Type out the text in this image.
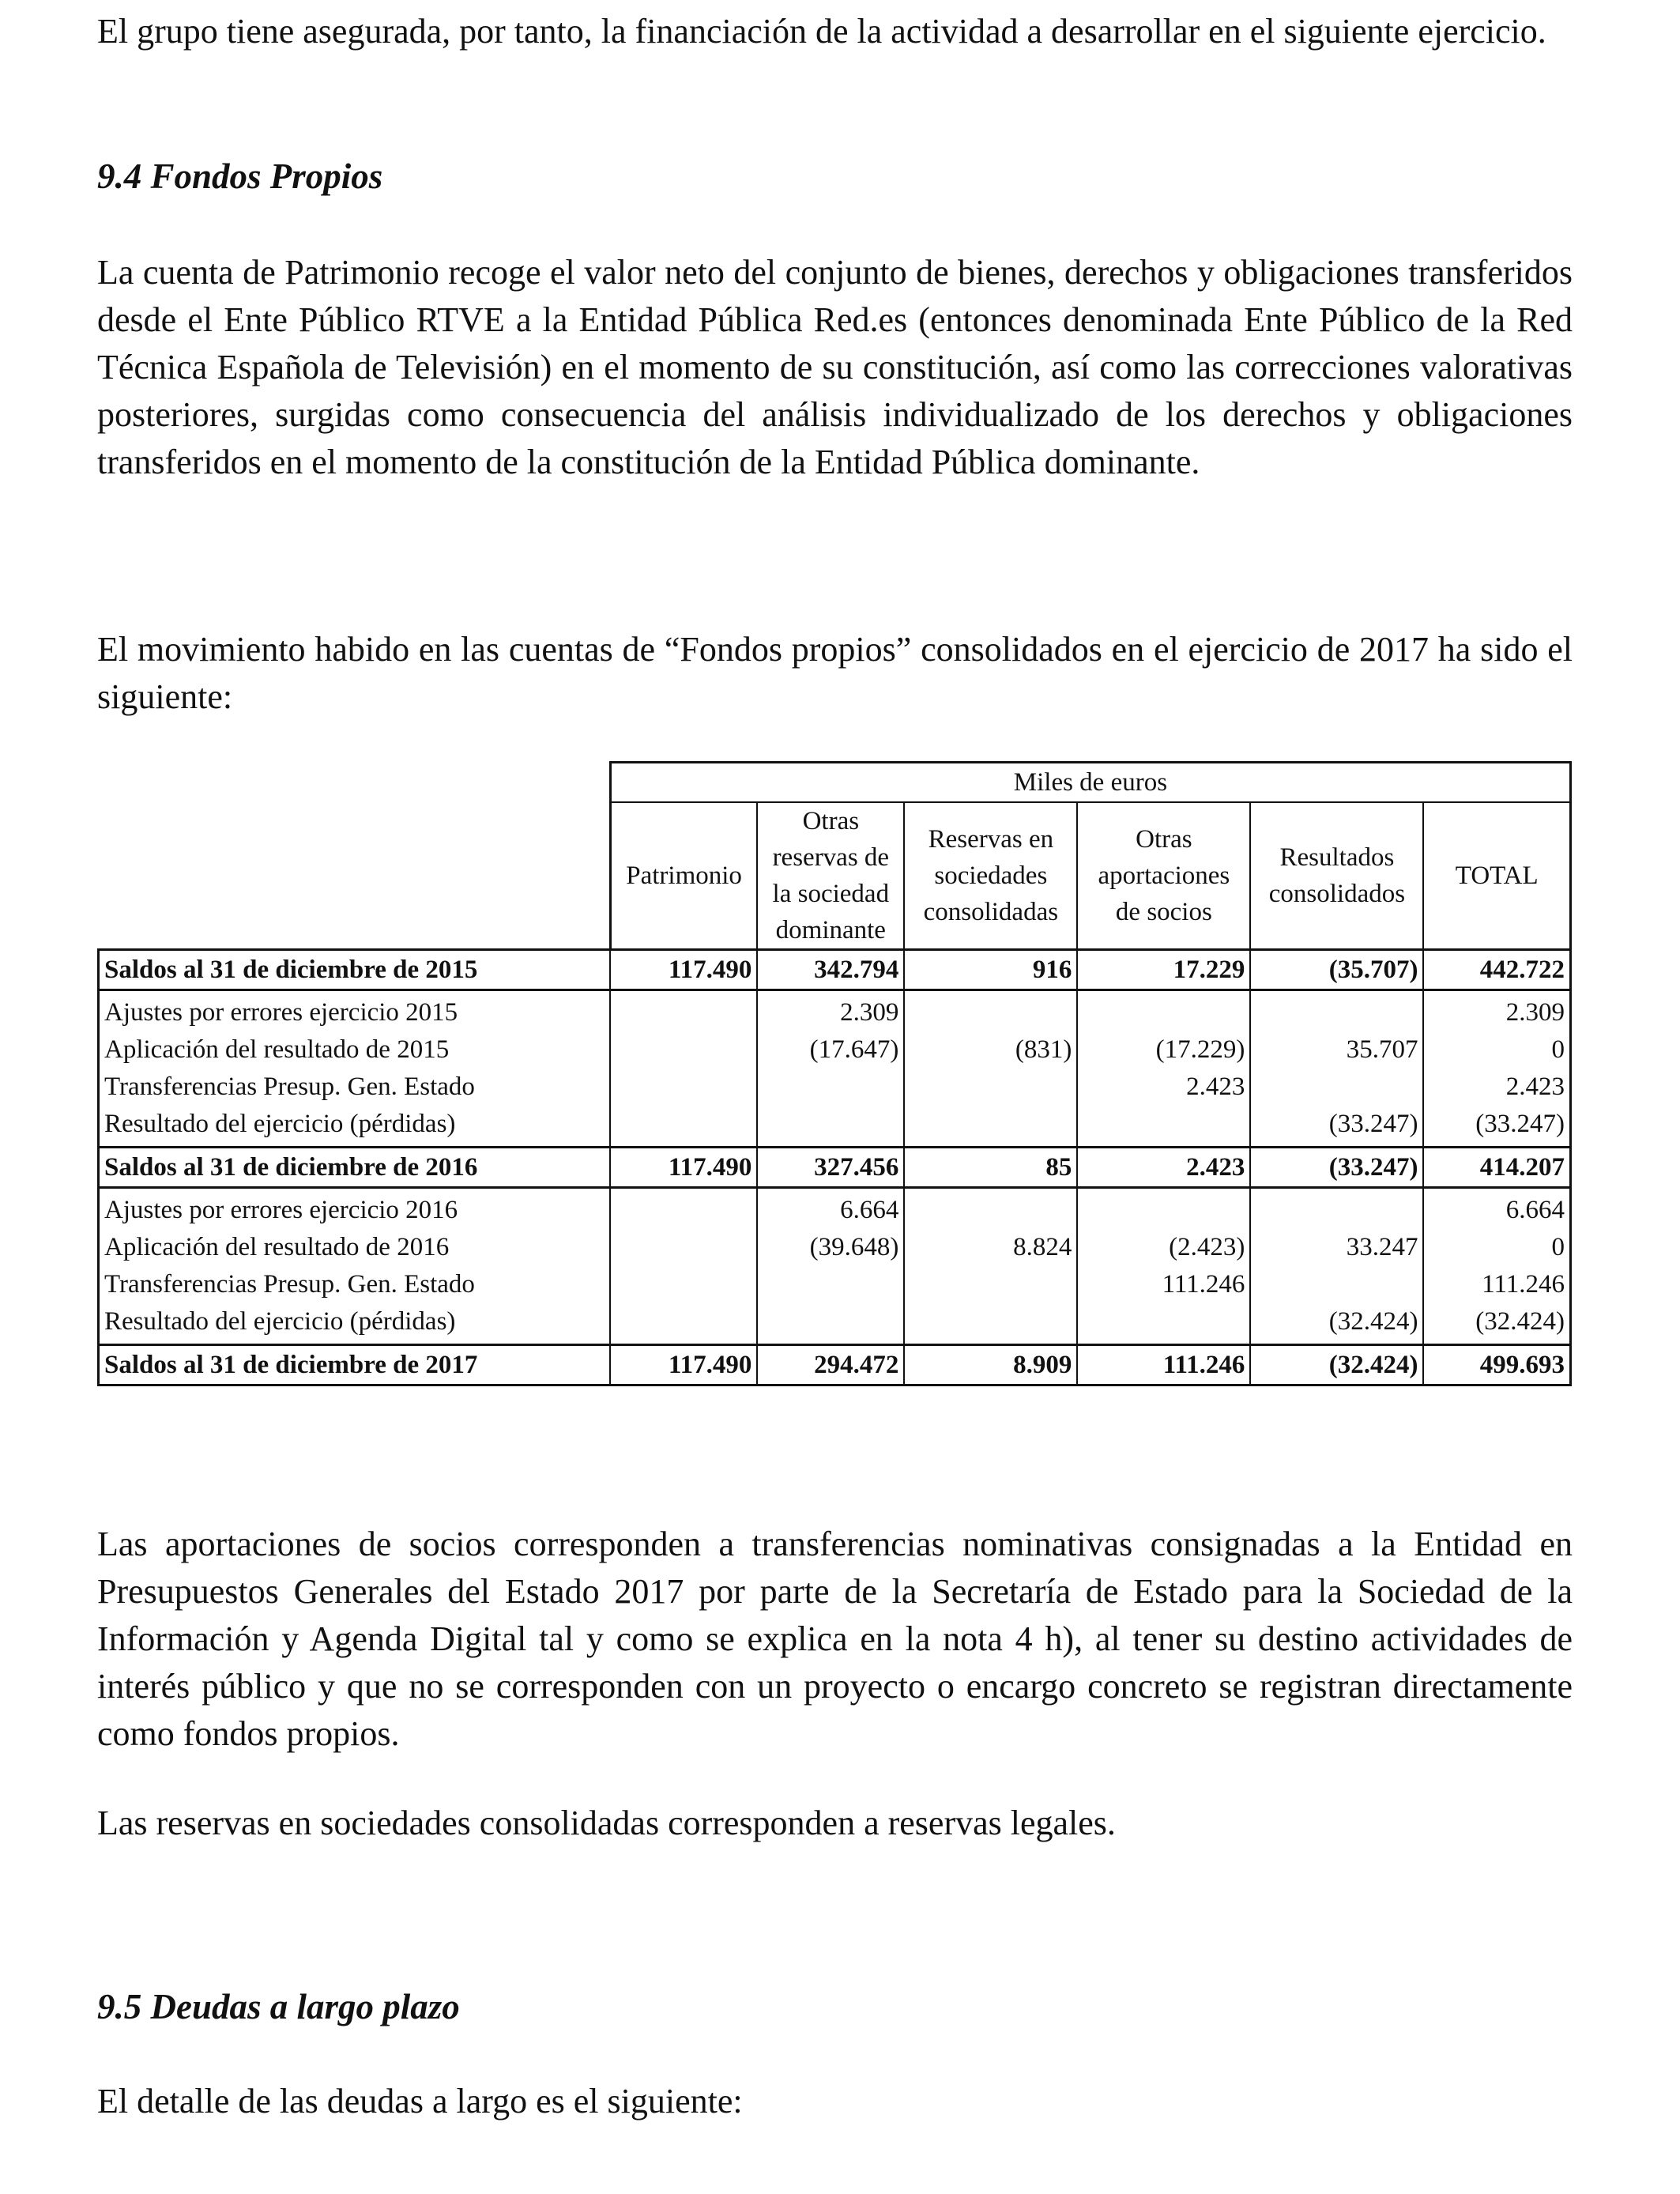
El grupo tiene asegurada, por tanto, la financiación de la actividad a desarrollar en el siguiente ejercicio.

9.4 Fondos Propios

La cuenta de Patrimonio recoge el valor neto del conjunto de bienes, derechos y obligaciones transferidos desde el Ente Público RTVE a la Entidad Pública Red.es (entonces denominada Ente Público de la Red Técnica Española de Televisión) en el momento de su constitución, así como las correcciones valorativas posteriores, surgidas como consecuencia del análisis individualizado de los derechos y obligaciones transferidos en el momento de la constitución de la Entidad Pública dominante.

El movimiento habido en las cuentas de “Fondos propios” consolidados en el ejercicio de 2017 ha sido el siguiente:

	Miles de euros					
	Patrimonio	Otras reservas de la sociedad dominante	Reservas en sociedades consolidadas	Otras aportaciones de socios	Resultados consolidados	TOTAL
Saldos al 31 de diciembre de 2015	117.490	342.794	916	17.229	(35.707)	442.722
Ajustes por errores ejercicio 2015		2.309				2.309
Aplicación del resultado de 2015		(17.647)	(831)	(17.229)	35.707	0
Transferencias Presup. Gen. Estado				2.423		2.423
Resultado del ejercicio (pérdidas)					(33.247)	(33.247)
Saldos al 31 de diciembre de 2016	117.490	327.456	85	2.423	(33.247)	414.207
Ajustes por errores ejercicio 2016		6.664				6.664
Aplicación del resultado de 2016		(39.648)	8.824	(2.423)	33.247	0
Transferencias Presup. Gen. Estado				111.246		111.246
Resultado del ejercicio (pérdidas)					(32.424)	(32.424)
Saldos al 31 de diciembre de 2017	117.490	294.472	8.909	111.246	(32.424)	499.693

Las aportaciones de socios corresponden a transferencias nominativas consignadas a la Entidad en Presupuestos Generales del Estado 2017 por parte de la Secretaría de Estado para la Sociedad de la Información y Agenda Digital tal y como se explica en la nota 4 h), al tener su destino actividades de interés público y que no se corresponden con un proyecto o encargo concreto se registran directamente como fondos propios.

Las reservas en sociedades consolidadas corresponden a reservas legales.

9.5 Deudas a largo plazo

El detalle de las deudas a largo es el siguiente:
